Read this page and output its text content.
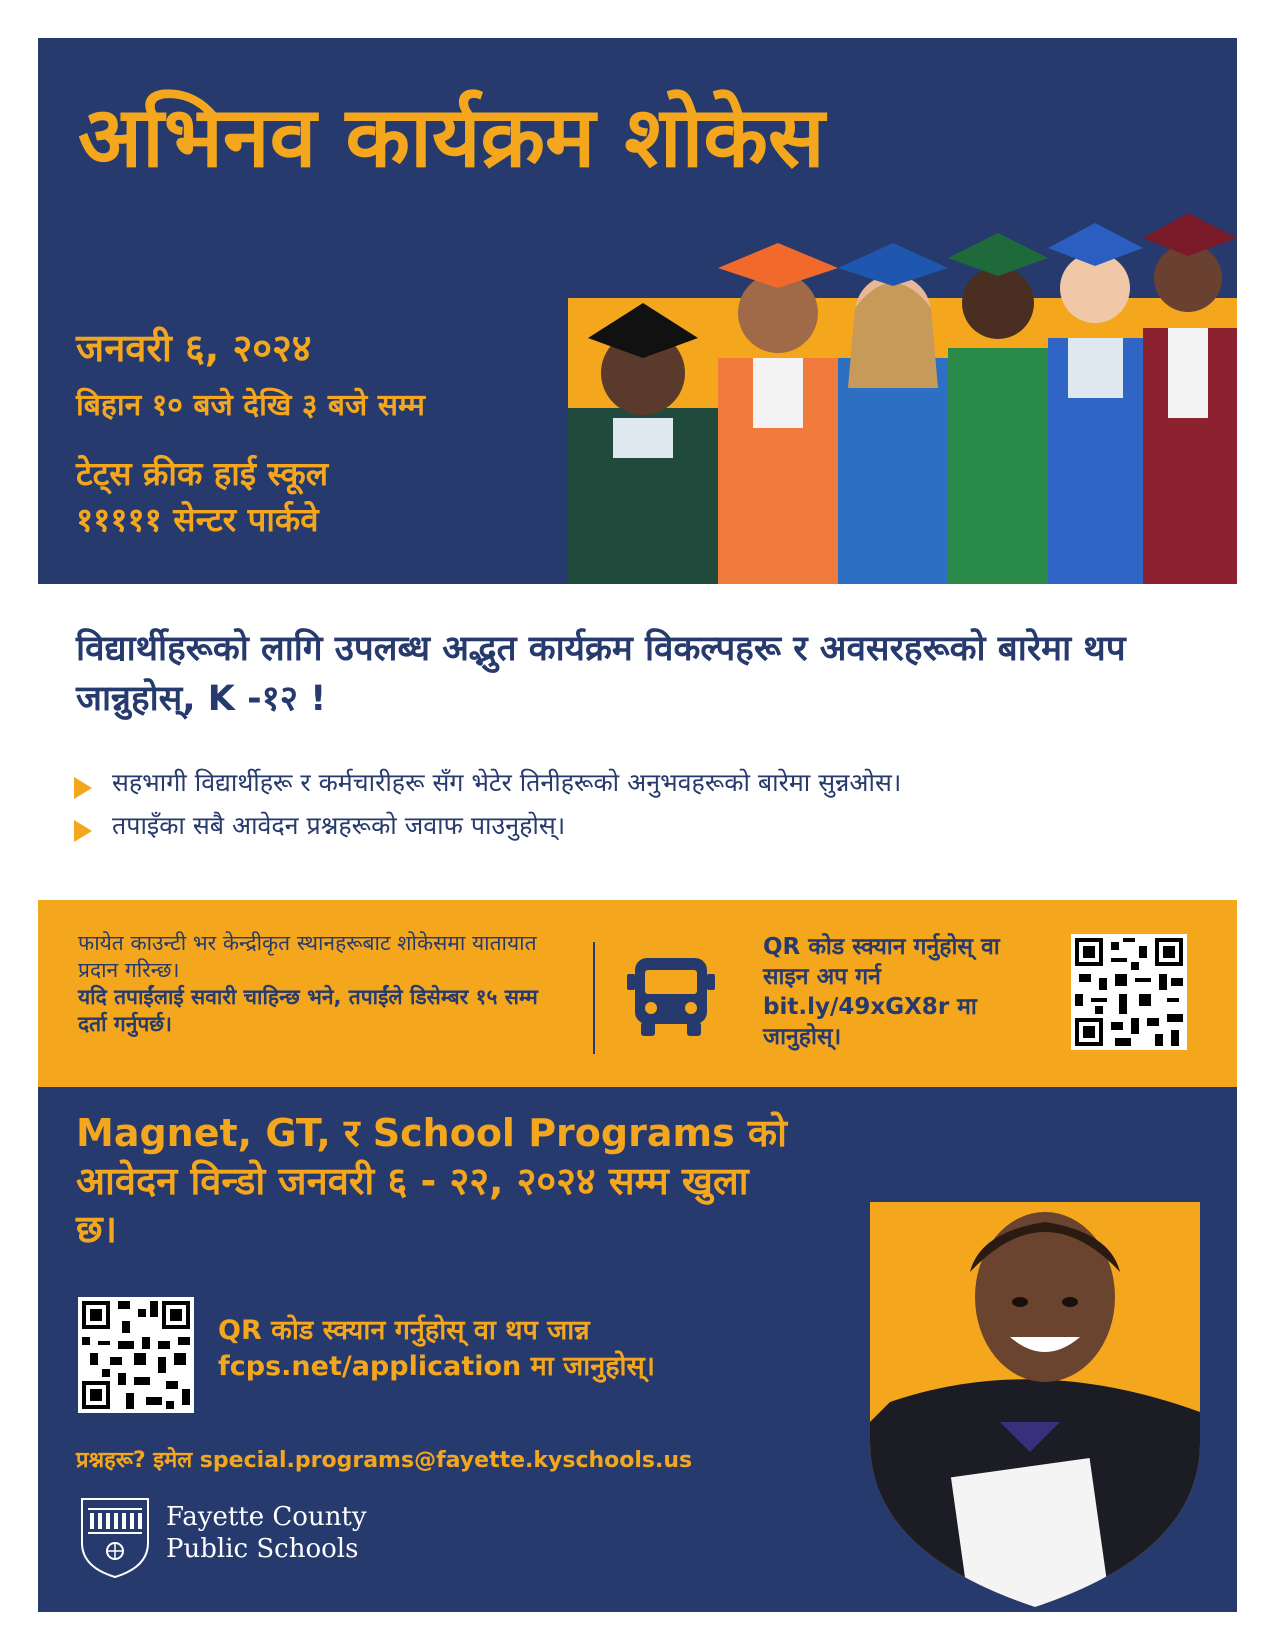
अभिनव कार्यक्रम शोकेस
जनवरी ६, २०२४
बिहान १० बजे देखि ३ बजे सम्म
टेट्स क्रीक हाई स्कूल
१११११ सेन्टर पार्कवे
विद्यार्थीहरूको लागि उपलब्ध अद्भुत कार्यक्रम विकल्पहरू र अवसरहरूको बारेमा थप जान्नुहोस्, K -१२ !
सहभागी विद्यार्थीहरू र कर्मचारीहरू सँग भेटेर तिनीहरूको अनुभवहरूको बारेमा सुन्नओस।
तपाइँका सबै आवेदन प्रश्नहरूको जवाफ पाउनुहोस्।
फायेत काउन्टी भर केन्द्रीकृत स्थानहरूबाट शोकेसमा यातायात प्रदान गरिन्छ।
यदि तपाईंलाई सवारी चाहिन्छ भने, तपाईंले डिसेम्बर १५ सम्म दर्ता गर्नुपर्छ।
QR कोड स्क्यान गर्नुहोस् वा साइन अप गर्न bit.ly/49xGX8r मा जानुहोस्।
Magnet, GT, र School Programs को आवेदन विन्डो जनवरी ६ - २२, २०२४ सम्म खुला छ।
QR कोड स्क्यान गर्नुहोस् वा थप जान्न fcps.net/application मा जानुहोस्।
प्रश्नहरू? इमेल special.programs@fayette.kyschools.us
Fayette County
Public Schools
